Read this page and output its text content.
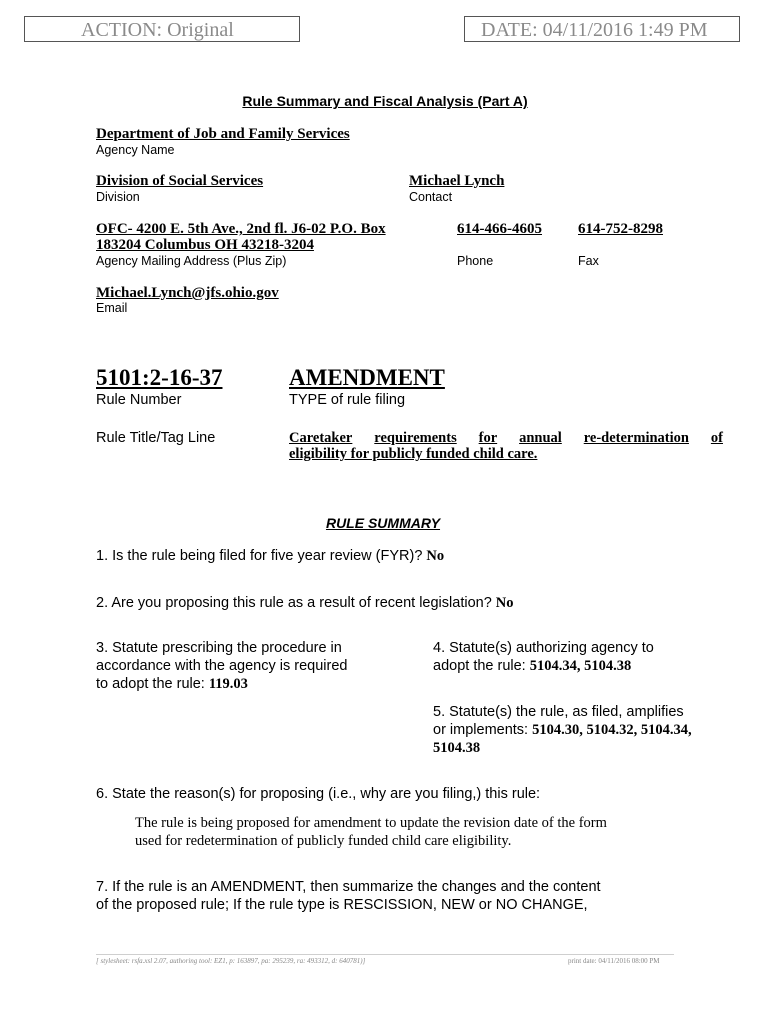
ACTION: Original	DATE: 04/11/2016 1:49 PM
Rule Summary and Fiscal Analysis (Part A)
Department of Job and Family Services
Agency Name
Division of Social Services
Division
Michael Lynch
Contact
OFC- 4200 E. 5th Ave., 2nd fl. J6-02 P.O. Box
183204 Columbus OH 43218-3204
Agency Mailing Address (Plus Zip)
614-466-4605
Phone
614-752-8298
Fax
Michael.Lynch@jfs.ohio.gov
Email
5101:2-16-37
Rule Number
AMENDMENT
TYPE of rule filing
Rule Title/Tag Line	Caretaker requirements for annual re-determination of
eligibility for publicly funded child care.
RULE SUMMARY
1. Is the rule being filed for five year review (FYR)? No
2. Are you proposing this rule as a result of recent legislation? No
3. Statute prescribing the procedure in
accordance with the agency is required
to adopt the rule: 119.03
4. Statute(s) authorizing agency to
adopt the rule: 5104.34, 5104.38
5. Statute(s) the rule, as filed, amplifies
or implements: 5104.30, 5104.32, 5104.34,
5104.38
6. State the reason(s) for proposing (i.e., why are you filing,) this rule:
The rule is being proposed for amendment to update the revision date of the form
used for redetermination of publicly funded child care eligibility.
7. If the rule is an AMENDMENT, then summarize the changes and the content
of the proposed rule; If the rule type is RESCISSION, NEW or NO CHANGE,
[ stylesheet: rsfa.xsl 2.07, authoring tool: EZ1, p: 163897, pa: 295239, ra: 493312, d: 640781)]	print date: 04/11/2016 08:00 PM
